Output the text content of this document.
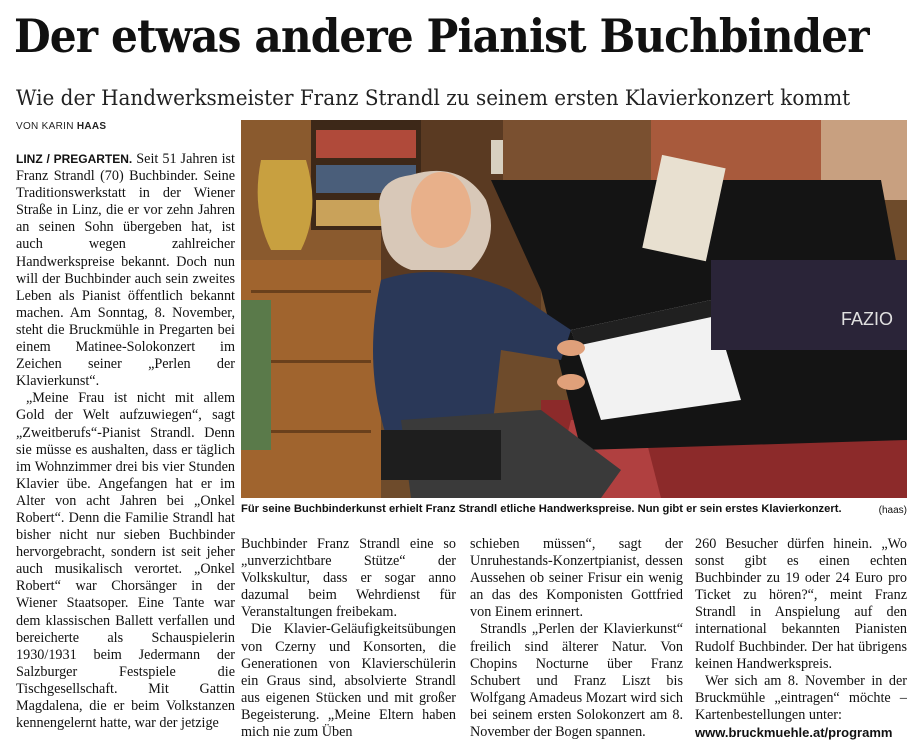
Der etwas andere Pianist Buchbinder
Wie der Handwerksmeister Franz Strandl zu seinem ersten Klavierkonzert kommt
VON KARIN HAAS
FAZIO
Für seine Buchbinderkunst erhielt Franz Strandl etliche Handwerkspreise. Nun gibt er sein erstes Klavierkonzert.	(haas)

LINZ / PREGARTEN. Seit 51 Jahren ist Franz Strandl (70) Buchbinder. Seine Traditionswerkstatt in der Wiener Straße in Linz, die er vor zehn Jahren an seinen Sohn übergeben hat, ist auch wegen zahlreicher Handwerkspreise bekannt. Doch nun will der Buchbinder auch sein zweites Leben als Pianist öffentlich bekannt machen. Am Sonntag, 8. November, steht die Bruckmühle in Pregarten bei einem Matinee-Solokonzert im Zeichen seiner „Perlen der Klavierkunst“.

„Meine Frau ist nicht mit allem Gold der Welt aufzuwiegen“, sagt „Zweitberufs“-Pianist Strandl. Denn sie müsse es aushalten, dass er täglich im Wohnzimmer drei bis vier Stunden Klavier übe. Angefangen hat er im Alter von acht Jahren bei „Onkel Robert“. Denn die Familie Strandl hat bisher nicht nur sieben Buchbinder hervorgebracht, sondern ist seit jeher auch musikalisch verortet. „Onkel Robert“ war Chorsänger in der Wiener Staatsoper. Eine Tante war dem klassischen Ballett verfallen und bereicherte als Schauspielerin 1930/1931 beim Jedermann der Salzburger Festspiele die Tischgesellschaft. Mit Gattin Magdalena, die er beim Volkstanzen kennengelernt hatte, war der jetzige

Buchbinder Franz Strandl eine so „unverzichtbare Stütze“ der Volkskultur, dass er sogar anno dazumal beim Wehrdienst für Veranstaltungen freibekam.

Die Klavier-Geläufigkeitsübungen von Czerny und Konsorten, die Generationen von Klavierschülerin ein Graus sind, absolvierte Strandl aus eigenen Stücken und mit großer Begeisterung. „Meine Eltern haben mich nie zum Üben

schieben müssen“, sagt der Unruhestands-Konzertpianist, dessen Aussehen ob seiner Frisur ein wenig an das des Komponisten Gottfried von Einem erinnert.

Strandls „Perlen der Klavierkunst“ freilich sind älterer Natur. Von Chopins Nocturne über Franz Schubert und Franz Liszt bis Wolfgang Amadeus Mozart wird sich bei seinem ersten Solokonzert am 8. November der Bogen spannen.

260 Besucher dürfen hinein. „Wo sonst gibt es einen echten Buchbinder zu 19 oder 24 Euro pro Ticket zu hören?“, meint Franz Strandl in Anspielung auf den international bekannten Pianisten Rudolf Buchbinder. Der hat übrigens keinen Handwerkspreis.

Wer sich am 8. November in der Bruckmühle „eintragen“ möchte – Kartenbestellungen unter:

www.bruckmuehle.at/programm
